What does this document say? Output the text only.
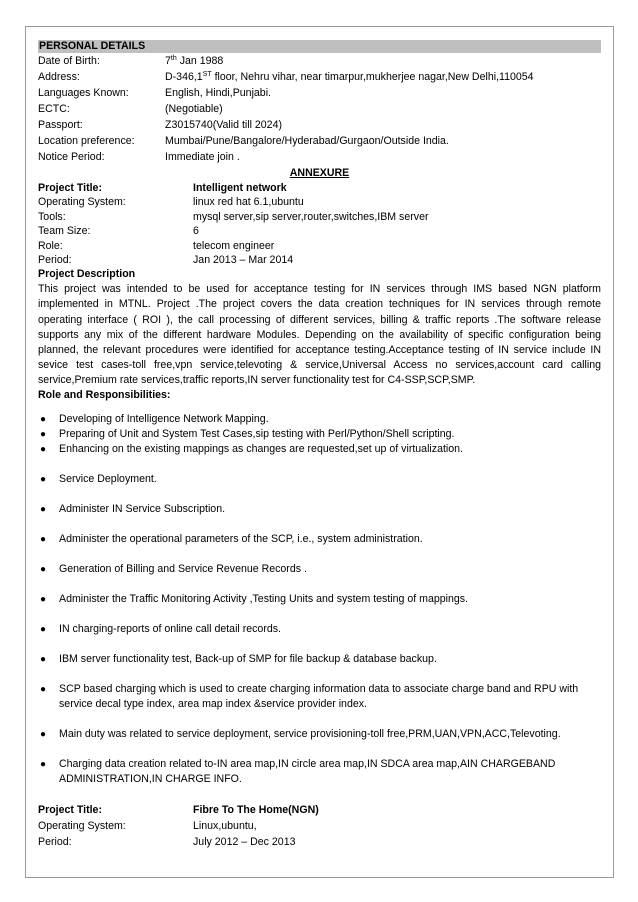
PERSONAL DETAILS
Date of Birth:	7th Jan 1988
Address:	D-346,1ST floor, Nehru vihar, near timarpur,mukherjee nagar,New Delhi,110054
Languages Known:	English, Hindi,Punjabi.
ECTC:	(Negotiable)
Passport:	Z3015740(Valid till 2024)
Location preference:	Mumbai/Pune/Bangalore/Hyderabad/Gurgaon/Outside India.
Notice Period:	Immediate join .
ANNEXURE
Project Title:	Intelligent network
Operating System:	linux red hat 6.1,ubuntu
Tools:	mysql server,sip server,router,switches,IBM server
Team Size:	6
Role:	telecom engineer
Period:	Jan 2013 – Mar 2014
Project Description
This project was intended to be used for acceptance testing for IN services through IMS based NGN platform implemented in MTNL. Project .The project covers the data creation techniques for IN services through remote operating interface ( ROI ), the call processing of different services, billing & traffic reports .The software release supports any mix of the different hardware Modules. Depending on the availability of specific configuration being planned, the relevant procedures were identified for acceptance testing.Acceptance testing of IN service include IN sevice test cases-toll free,vpn service,televoting & service,Universal Access no services,account card calling service,Premium rate services,traffic reports,IN server functionality test for C4-SSP,SCP,SMP.
Role and Responsibilities:
● Developing of Intelligence Network Mapping.
● Preparing of Unit and System Test Cases,sip testing with Perl/Python/Shell scripting.
● Enhancing on the existing mappings as changes are requested,set up of virtualization.
● Service Deployment.
● Administer IN Service Subscription.
● Administer the operational parameters of the SCP, i.e., system administration.
● Generation of Billing and Service Revenue Records .
● Administer the Traffic Monitoring Activity ,Testing Units and system testing of mappings.
● IN charging-reports of online call detail records.
● IBM server functionality test, Back-up of SMP for file backup & database backup.
● SCP based charging which is used to create charging information data to associate charge band and RPU with service decal type index, area map index &service provider index.
● Main duty was related to service deployment, service provisioning-toll free,PRM,UAN,VPN,ACC,Televoting.
● Charging data creation related to-IN area map,IN circle area map,IN SDCA area map,AIN CHARGEBAND ADMINISTRATION,IN CHARGE INFO.
Project Title:	Fibre To The Home(NGN)
Operating System:	Linux,ubuntu,
Period:	July 2012 – Dec 2013
